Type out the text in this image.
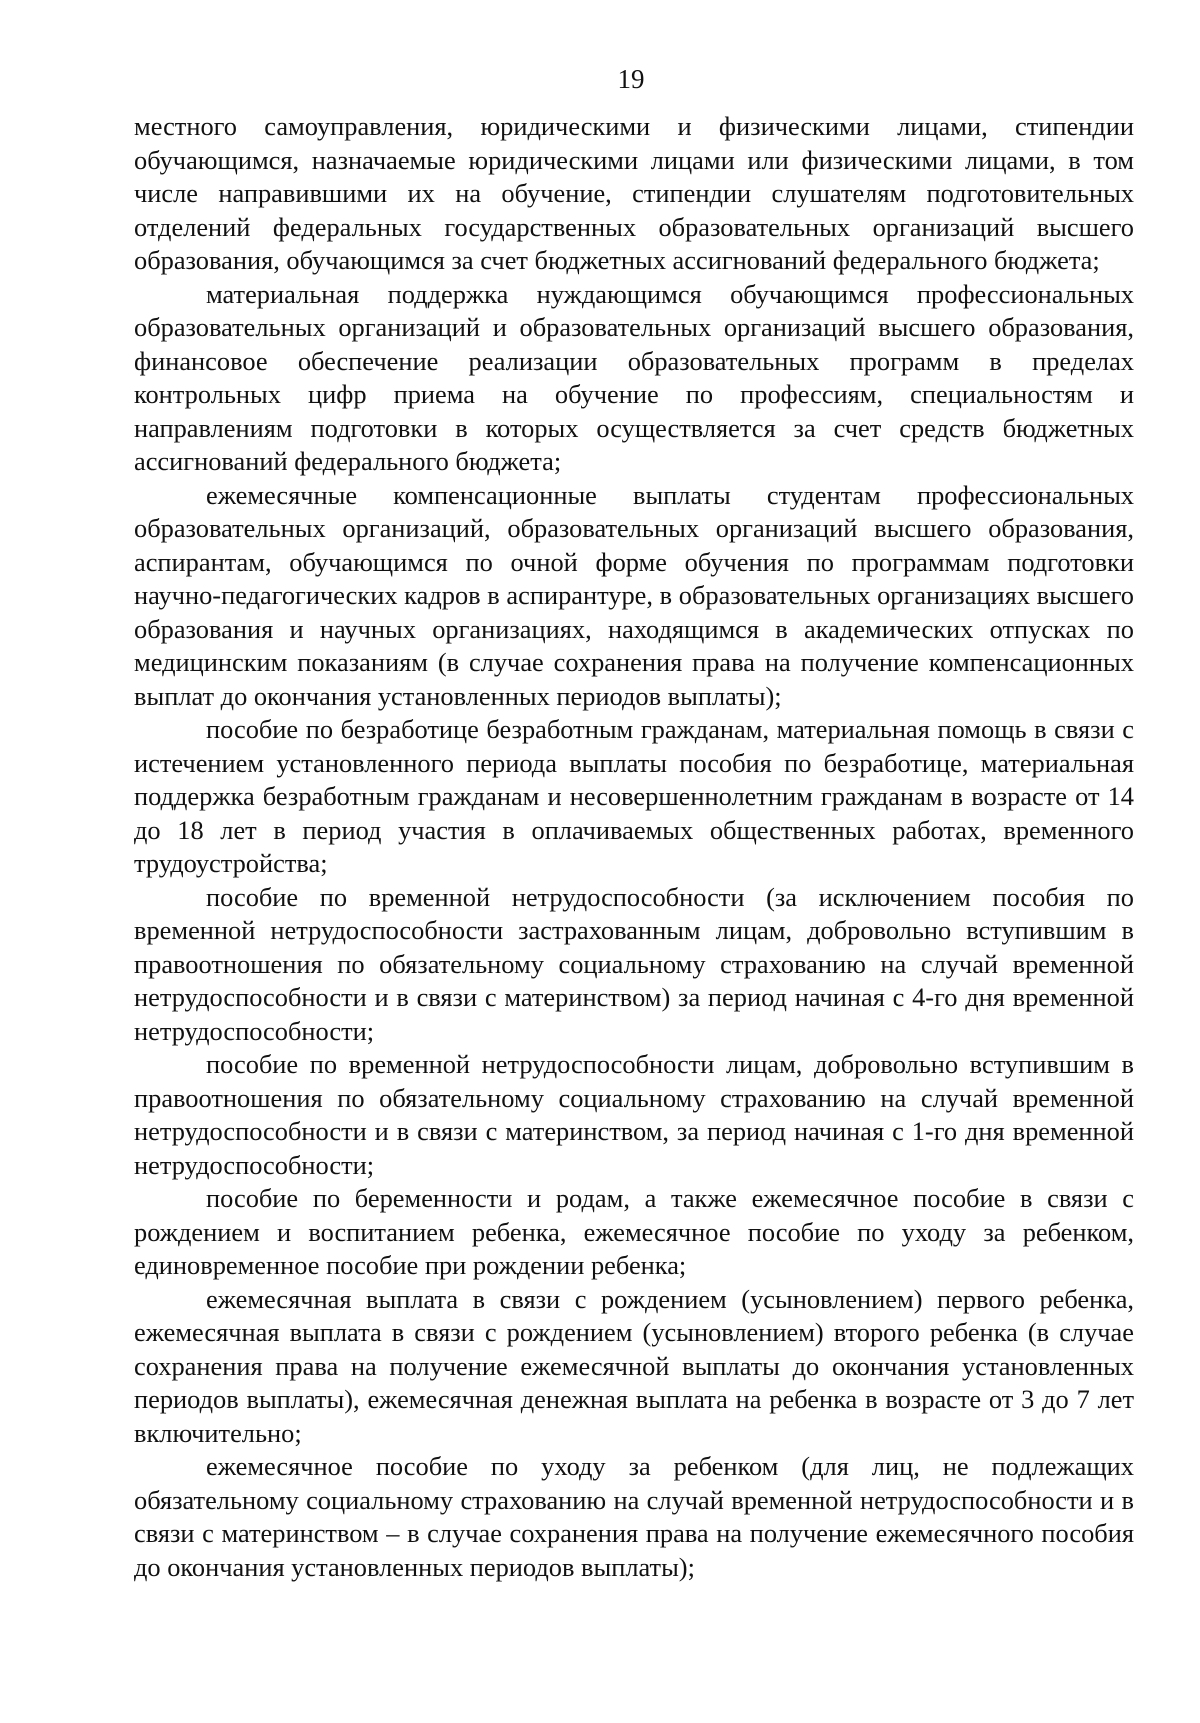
19

местного самоуправления, юридическими и физическими лицами, стипендии обучающимся, назначаемые юридическими лицами или физическими лицами, в том числе направившими их на обучение, стипендии слушателям подготовительных отделений федеральных государственных образовательных организаций высшего образования, обучающимся за счет бюджетных ассигнований федерального бюджета;

материальная поддержка нуждающимся обучающимся профессиональных образовательных организаций и образовательных организаций высшего образования, финансовое обеспечение реализации образовательных программ в пределах контрольных цифр приема на обучение по профессиям, специальностям и направлениям подготовки в которых осуществляется за счет средств бюджетных ассигнований федерального бюджета;

ежемесячные компенсационные выплаты студентам профессиональных образовательных организаций, образовательных организаций высшего образования, аспирантам, обучающимся по очной форме обучения по программам подготовки научно-педагогических кадров в аспирантуре, в образовательных организациях высшего образования и научных организациях, находящимся в академических отпусках по медицинским показаниям (в случае сохранения права на получение компенсационных выплат до окончания установленных периодов выплаты);

пособие по безработице безработным гражданам, материальная помощь в связи с истечением установленного периода выплаты пособия по безработице, материальная поддержка безработным гражданам и несовершеннолетним гражданам в возрасте от 14 до 18 лет в период участия в оплачиваемых общественных работах, временного трудоустройства;

пособие по временной нетрудоспособности (за исключением пособия по временной нетрудоспособности застрахованным лицам, добровольно вступившим в правоотношения по обязательному социальному страхованию на случай временной нетрудоспособности и в связи с материнством) за период начиная с 4-го дня временной нетрудоспособности;

пособие по временной нетрудоспособности лицам, добровольно вступившим в правоотношения по обязательному социальному страхованию на случай временной нетрудоспособности и в связи с материнством, за период начиная с 1-го дня временной нетрудоспособности;

пособие по беременности и родам, а также ежемесячное пособие в связи с рождением и воспитанием ребенка, ежемесячное пособие по уходу за ребенком, единовременное пособие при рождении ребенка;

ежемесячная выплата в связи с рождением (усыновлением) первого ребенка, ежемесячная выплата в связи с рождением (усыновлением) второго ребенка (в случае сохранения права на получение ежемесячной выплаты до окончания установленных периодов выплаты), ежемесячная денежная выплата на ребенка в возрасте от 3 до 7 лет включительно;

ежемесячное пособие по уходу за ребенком (для лиц, не подлежащих обязательному социальному страхованию на случай временной нетрудоспособности и в связи с материнством – в случае сохранения права на получение ежемесячного пособия до окончания установленных периодов выплаты);
